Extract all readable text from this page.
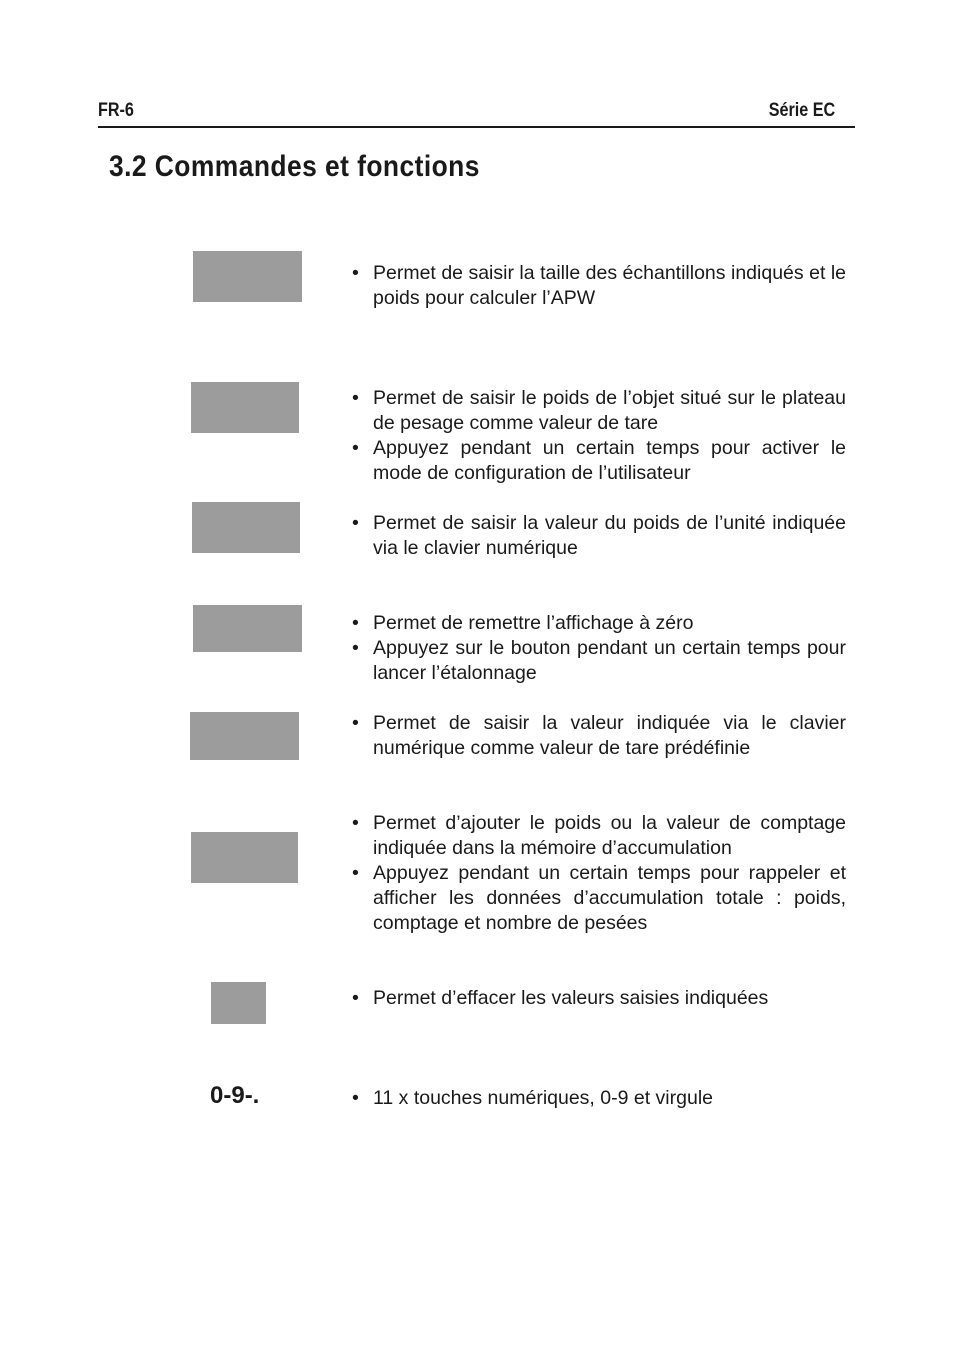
FR-6	Série EC
3.2 Commandes et fonctions
• Permet de saisir la taille des échantillons indiqués et le poids pour calculer l’APW
• Permet de saisir le poids de l’objet situé sur le plateau de pesage comme valeur de tare
• Appuyez pendant un certain temps pour activer le mode de configuration de l’utilisateur
• Permet de saisir la valeur du poids de l’unité indiquée via le clavier numérique
• Permet de remettre l’affichage à zéro
• Appuyez sur le bouton pendant un certain temps pour lancer l’étalonnage
• Permet de saisir la valeur indiquée via le clavier numérique comme valeur de tare prédéfinie
• Permet d’ajouter le poids ou la valeur de comptage indiquée dans la mémoire d’accumulation
• Appuyez pendant un certain temps pour rappeler et afficher les données d’accumulation totale : poids, comptage et nombre de pesées
• Permet d’effacer les valeurs saisies indiquées
0-9-.
•	11 x touches numériques, 0-9 et virgule
